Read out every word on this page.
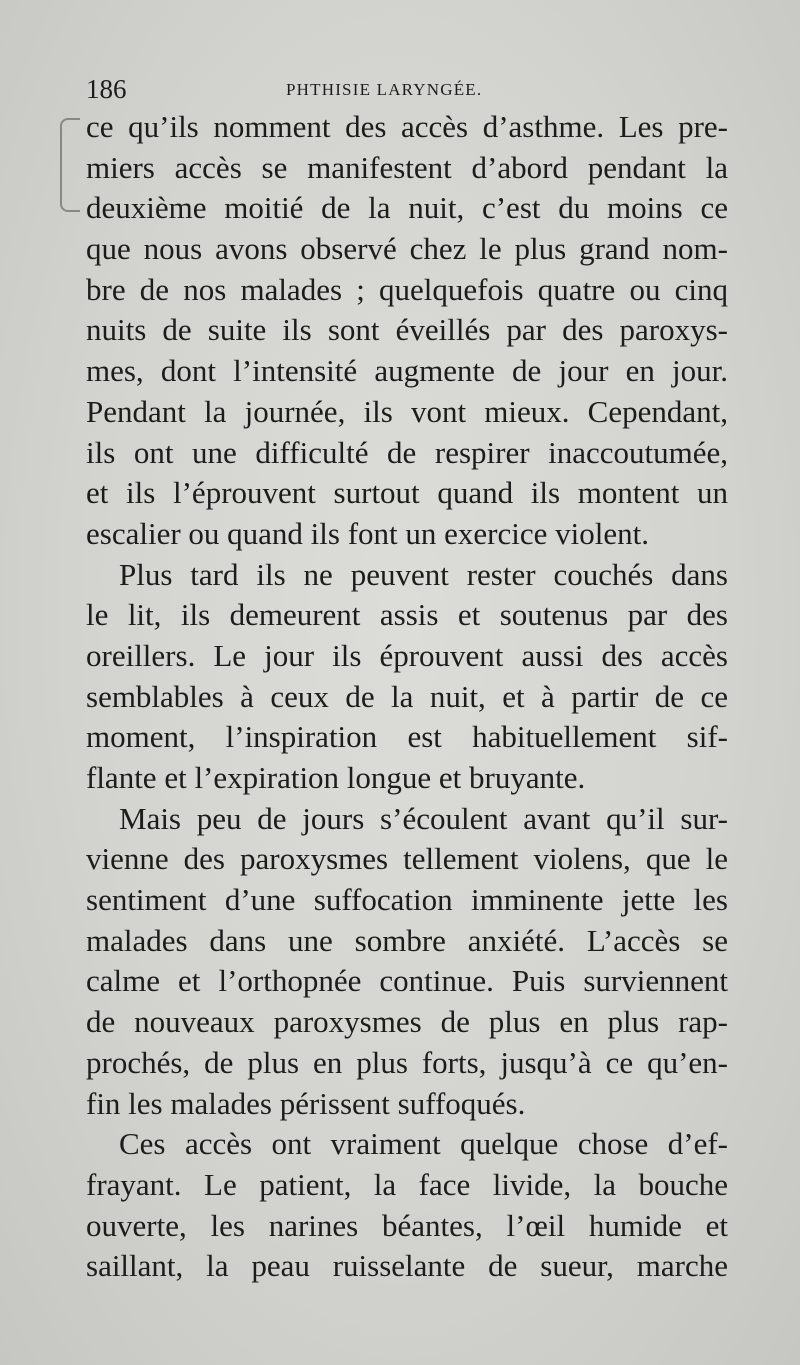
186	PHTHISIE LARYNGÉE.
ce qu’ils nomment des accès d’asthme. Les pre-
miers accès se manifestent d’abord pendant la
deuxième moitié de la nuit, c’est du moins ce
que nous avons observé chez le plus grand nom-
bre de nos malades ; quelquefois quatre ou cinq
nuits de suite ils sont éveillés par des paroxys-
mes, dont l’intensité augmente de jour en jour.
Pendant la journée, ils vont mieux. Cependant,
ils ont une difficulté de respirer inaccoutumée,
et ils l’éprouvent surtout quand ils montent un
escalier ou quand ils font un exercice violent.
Plus tard ils ne peuvent rester couchés dans
le lit, ils demeurent assis et soutenus par des
oreillers. Le jour ils éprouvent aussi des accès
semblables à ceux de la nuit, et à partir de ce
moment, l’inspiration est habituellement sif-
flante et l’expiration longue et bruyante.
Mais peu de jours s’écoulent avant qu’il sur-
vienne des paroxysmes tellement violens, que le
sentiment d’une suffocation imminente jette les
malades dans une sombre anxiété. L’accès se
calme et l’orthopnée continue. Puis surviennent
de nouveaux paroxysmes de plus en plus rap-
prochés, de plus en plus forts, jusqu’à ce qu’en-
fin les malades périssent suffoqués.
Ces accès ont vraiment quelque chose d’ef-
frayant. Le patient, la face livide, la bouche
ouverte, les narines béantes, l’œil humide et
saillant, la peau ruisselante de sueur, marche
